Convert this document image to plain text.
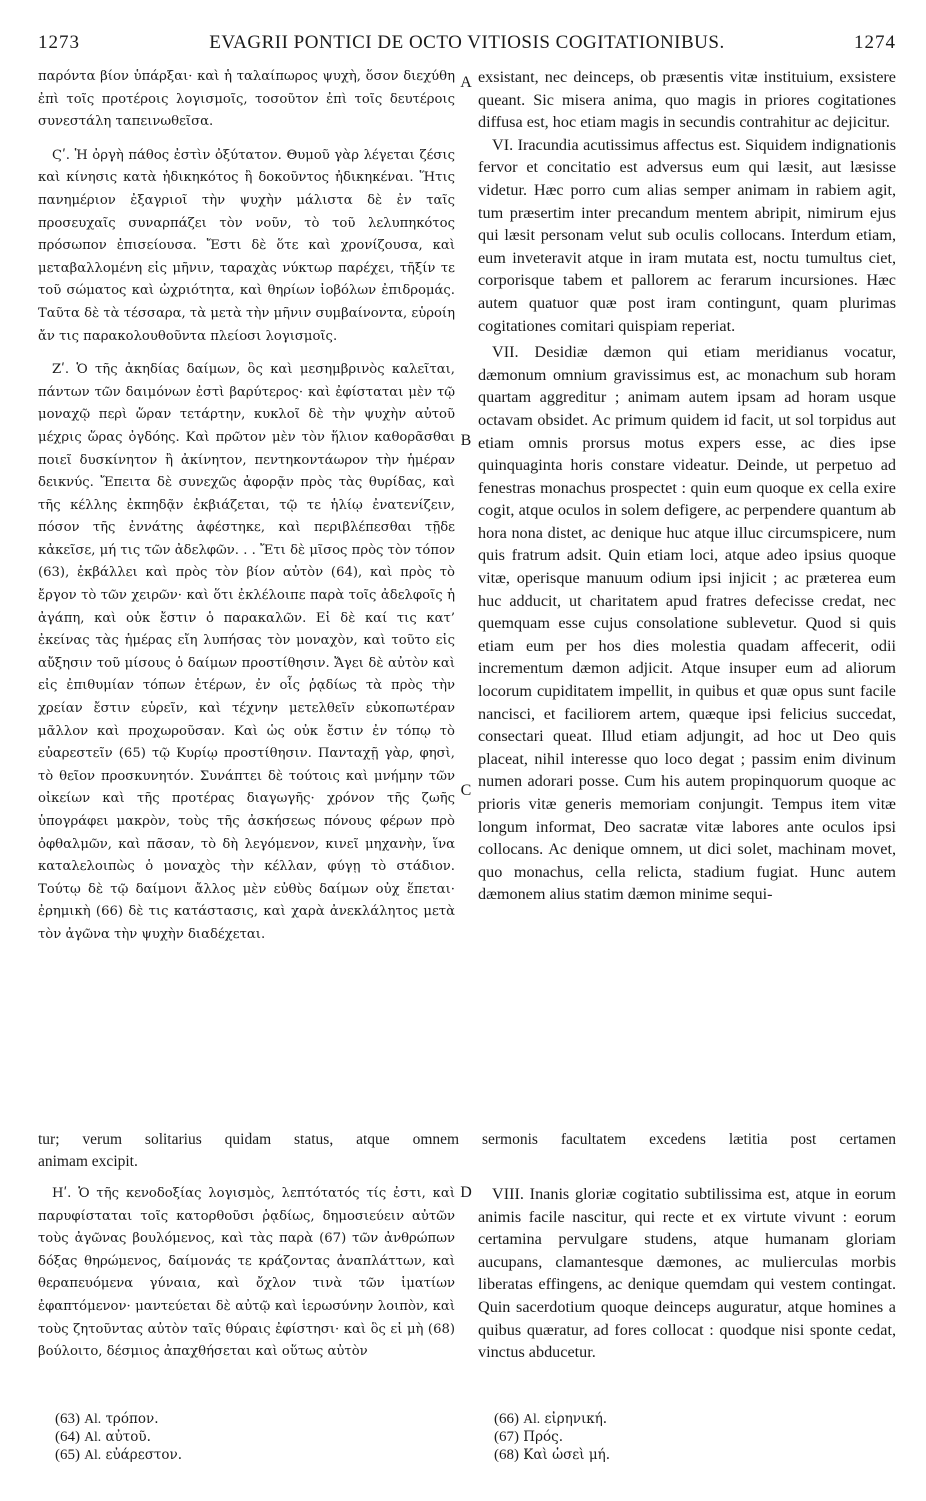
1273	EVAGRII PONTICI DE OCTO VITIOSIS COGITATIONIBUS.	1274

παρόντα βίον ὑπάρξαι· καὶ ἡ ταλαίπωρος ψυχὴ, ὅσον διεχύθη ἐπὶ τοῖς προτέροις λογισμοῖς, τοσοῦτον ἐπὶ τοῖς δευτέροις συνεστάλη ταπεινωθεῖσα.

Ϛʹ. Ἡ ὀργὴ πάθος ἐστὶν ὀξύτατον. Θυμοῦ γὰρ λέγεται ζέσις καὶ κίνησις κατὰ ἠδικηκότος ἢ δοκοῦντος ἠδικηκέναι. Ἥτις πανημέριον ἐξαγριοῖ τὴν ψυχὴν μάλιστα δὲ ἐν ταῖς προσευχαῖς συναρπάζει τὸν νοῦν, τὸ τοῦ λελυπηκότος πρόσωπον ἐπισείουσα. Ἔστι δὲ ὅτε καὶ χρονίζουσα, καὶ μεταβαλλομένη εἰς μῆνιν, ταραχὰς νύκτωρ παρέχει, τῆξίν τε τοῦ σώματος καὶ ὠχριότητα, καὶ θηρίων ἰοβόλων ἐπιδρομάς. Ταῦτα δὲ τὰ τέσσαρα, τὰ μετὰ τὴν μῆνιν συμβαίνοντα, εὑροίη ἄν τις παρακολουθοῦντα πλείοσι λογισμοῖς.

Ζʹ. Ὁ τῆς ἀκηδίας δαίμων, ὃς καὶ μεσημβρινὸς καλεῖται, πάντων τῶν δαιμόνων ἐστὶ βαρύτερος· καὶ ἐφίσταται μὲν τῷ μοναχῷ περὶ ὥραν τετάρτην, κυκλοῖ δὲ τὴν ψυχὴν αὐτοῦ μέχρις ὥρας ὀγδόης. Καὶ πρῶτον μὲν τὸν ἥλιον καθορᾶσθαι ποιεῖ δυσκίνητον ἢ ἀκίνητον, πεντηκοντάωρον τὴν ἡμέραν δεικνύς. Ἔπειτα δὲ συνεχῶς ἀφορᾷν πρὸς τὰς θυρίδας, καὶ τῆς κέλλης ἐκπηδᾷν ἐκβιάζεται, τῷ τε ἡλίῳ ἐνατενίζειν, πόσον τῆς ἐννάτης ἀφέστηκε, καὶ περιβλέπεσθαι τῇδε κἀκεῖσε, μή τις τῶν ἀδελφῶν. . . Ἔτι δὲ μῖσος πρὸς τὸν τόπον (63), ἐκβάλλει καὶ πρὸς τὸν βίον αὐτὸν (64), καὶ πρὸς τὸ ἔργον τὸ τῶν χειρῶν· καὶ ὅτι ἐκλέλοιπε παρὰ τοῖς ἀδελφοῖς ἡ ἀγάπη, καὶ οὐκ ἔστιν ὁ παρακαλῶν. Εἰ δὲ καί τις κατ’ ἐκείνας τὰς ἡμέρας εἴη λυπήσας τὸν μοναχὸν, καὶ τοῦτο εἰς αὔξησιν τοῦ μίσους ὁ δαίμων προστίθησιν. Ἄγει δὲ αὐτὸν καὶ εἰς ἐπιθυμίαν τόπων ἑτέρων, ἐν οἷς ῥᾳδίως τὰ πρὸς τὴν χρείαν ἔστιν εὑρεῖν, καὶ τέχνην μετελθεῖν εὐκοπωτέραν μᾶλλον καὶ προχωροῦσαν. Καὶ ὡς οὐκ ἔστιν ἐν τόπῳ τὸ εὐαρεστεῖν (65) τῷ Κυρίῳ προστίθησιν. Πανταχῇ γὰρ, φησὶ, τὸ θεῖον προσκυνητόν. Συνάπτει δὲ τούτοις καὶ μνήμην τῶν οἰκείων καὶ τῆς προτέρας διαγωγῆς· χρόνον τῆς ζωῆς ὑπογράφει μακρὸν, τοὺς τῆς ἀσκήσεως πόνους φέρων πρὸ ὀφθαλμῶν, καὶ πᾶσαν, τὸ δὴ λεγόμενον, κινεῖ μηχανὴν, ἵνα καταλελοιπὼς ὁ μοναχὸς τὴν κέλλαν, φύγῃ τὸ στάδιον. Τούτῳ δὲ τῷ δαίμονι ἄλλος μὲν εὐθὺς δαίμων οὐχ ἕπεται· ἐρημικὴ (66) δὲ τις κατάστασις, καὶ χαρὰ ἀνεκλάλητος μετὰ τὸν ἀγῶνα τὴν ψυχὴν διαδέχεται.

exsistant, nec deinceps, ob præsentis vitæ instituium, exsistere queant. Sic misera anima, quo magis in priores cogitationes diffusa est, hoc etiam magis in secundis contrahitur ac dejicitur.

VI. Iracundia acutissimus affectus est. Siquidem indignationis fervor et concitatio est adversus eum qui læsit, aut læsisse videtur. Hæc porro cum alias semper animam in rabiem agit, tum præsertim inter precandum mentem abripit, nimirum ejus qui læsit personam velut sub oculis collocans. Interdum etiam, eum inveteravit atque in iram mutata est, noctu tumultus ciet, corporisque tabem et pallorem ac ferarum incursiones. Hæc autem quatuor quæ post iram contingunt, quam plurimas cogitationes comitari quispiam reperiat.

VII. Desidiæ dæmon qui etiam meridianus vocatur, dæmonum omnium gravissimus est, ac monachum sub horam quartam aggreditur ; animam autem ipsam ad horam usque octavam obsidet. Ac primum quidem id facit, ut sol torpidus aut etiam omnis prorsus motus expers esse, ac dies ipse quinquaginta horis constare videatur. Deinde, ut perpetuo ad fenestras monachus prospectet : quin eum quoque ex cella exire cogit, atque oculos in solem defigere, ac perpendere quantum ab hora nona distet, ac denique huc atque illuc circumspicere, num quis fratrum adsit. Quin etiam loci, atque adeo ipsius quoque vitæ, operisque manuum odium ipsi injicit ; ac præterea eum huc adducit, ut charitatem apud fratres defecisse credat, nec quemquam esse cujus consolatione sublevetur. Quod si quis etiam eum per hos dies molestia quadam affecerit, odii incrementum dæmon adjicit. Atque insuper eum ad aliorum locorum cupiditatem impellit, in quibus et quæ opus sunt facile nancisci, et faciliorem artem, quæque ipsi felicius succedat, consectari queat. Illud etiam adjungit, ad hoc ut Deo quis placeat, nihil interesse quo loco degat ; passim enim divinum numen adorari posse. Cum his autem propinquorum quoque ac prioris vitæ generis memoriam conjungit. Tempus item vitæ longum informat, Deo sacratæ vitæ labores ante oculos ipsi collocans. Ac denique omnem, ut dici solet, machinam movet, quo monachus, cella relicta, stadium fugiat. Hunc autem dæmonem alius statim dæmon minime sequi-

A
B
C
D

tur; verum solitarius quidam status, atque omnem sermonis facultatem excedens lætitia post certamen

animam excipit.

Ηʹ. Ὁ τῆς κενοδοξίας λογισμὸς, λεπτότατός τίς ἐστι, καὶ παρυφίσταται τοῖς κατορθοῦσι ῥᾳδίως, δημοσιεύειν αὐτῶν τοὺς ἀγῶνας βουλόμενος, καὶ τὰς παρὰ (67) τῶν ἀνθρώπων δόξας θηρώμενος, δαίμονάς τε κράζοντας ἀναπλάττων, καὶ θεραπευόμενα γύναια, καὶ ὄχλον τινὰ τῶν ἱματίων ἐφαπτόμενον· μαντεύεται δὲ αὐτῷ καὶ ἱερωσύνην λοιπὸν, καὶ τοὺς ζητοῦντας αὐτὸν ταῖς θύραις ἐφίστησι· καὶ ὃς εἰ μὴ (68) βούλοιτο, δέσμιος ἀπαχθήσεται καὶ οὕτως αὐτὸν

VIII. Inanis gloriæ cogitatio subtilissima est, atque in eorum animis facile nascitur, qui recte et ex virtute vivunt : eorum certamina pervulgare studens, atque humanam gloriam aucupans, clamantesque dæmones, ac mulierculas morbis liberatas effingens, ac denique quemdam qui vestem contingat. Quin sacerdotium quoque deinceps auguratur, atque homines a quibus quæratur, ad fores collocat : quodque nisi sponte cedat, vinctus abducetur.

(63) Al. τρόπον.
(64) Al. αὐτοῦ.
(65) Al. εὐάρεστον.
(66) Al. εἰρηνική.
(67) Πρός.
(68) Καὶ ὡσεὶ μή.
